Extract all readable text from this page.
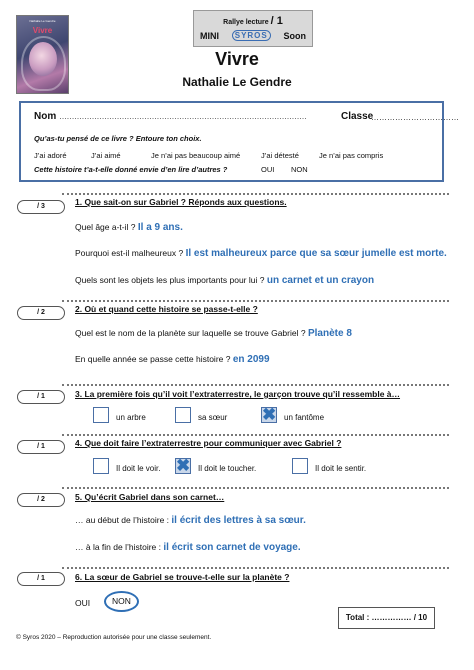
Rallye lecture / 1
MINI	SYROS	Soon
Nathalie Le Gendre
Vivre
Vivre
Nathalie Le Gendre
Nom ………………………………………………………………………………………	Classe
……………………………
Qu’as-tu pensé de ce livre ? Entoure ton choix.
J’ai adoré	J’ai aimé	Je n’ai pas beaucoup aimé	J’ai détesté	Je n’ai pas compris
Cette histoire t’a-t-elle donné envie d’en lire d’autres ?	OUI NON
/ 3	1. Que sait-on sur Gabriel ? Réponds aux questions.
Quel âge a-t-il ? Il a 9 ans.
Pourquoi est-il malheureux ? Il est malheureux parce que sa sœur jumelle est morte.
Quels sont les objets les plus importants pour lui ? un carnet et un crayon
/ 2	2. Où et quand cette histoire se passe-t-elle ?
Quel est le nom de la planète sur laquelle se trouve Gabriel ? Planète 8
En quelle année se passe cette histoire ? en 2099
/ 1	3. La première fois qu’il voit l’extraterrestre, le garçon trouve qu’il ressemble à…
un arbre	sa sœur ✖ un fantôme
/ 1	4. Que doit faire l’extraterrestre pour communiquer avec Gabriel ?
Il doit le voir. ✖ Il doit le toucher.	Il doit le sentir.
/ 2	5. Qu’écrit Gabriel dans son carnet…
… au début de l’histoire : il écrit des lettres à sa sœur.
… à la fin de l’histoire : il écrit son carnet de voyage.
/ 1	6. La sœur de Gabriel se trouve-t-elle sur la planète ?
OUI	NON
Total : …………… / 10
© Syros 2020 – Reproduction autorisée pour une classe seulement.
